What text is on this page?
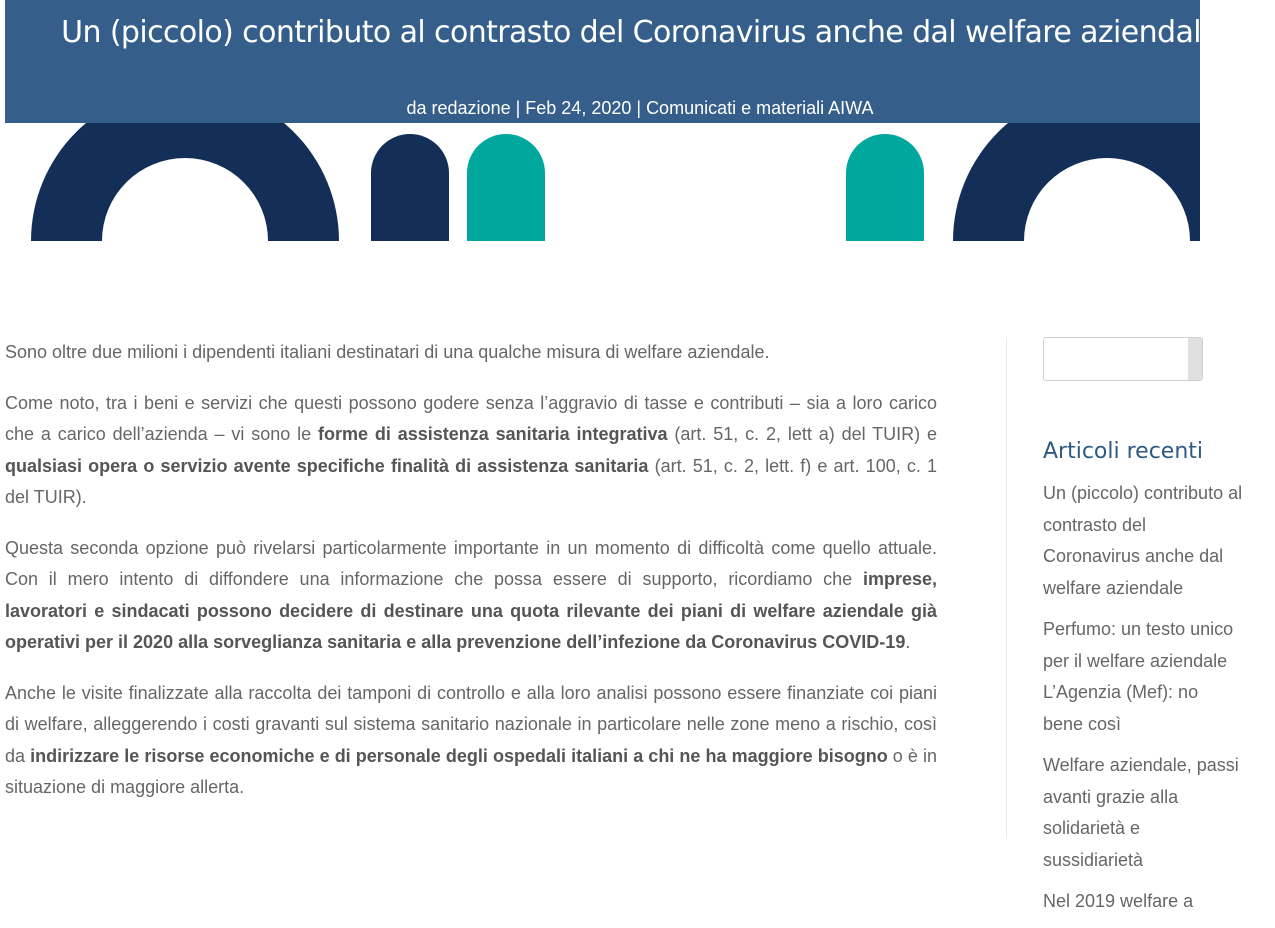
Un (piccolo) contributo al contrasto del Coronavirus anche dal welfare aziendale
da redazione | Feb 24, 2020 | Comunicati e materiali AIWA

Sono oltre due milioni i dipendenti italiani destinatari di una qualche misura di welfare aziendale.

Come noto, tra i beni e servizi che questi possono godere senza l’aggravio di tasse e contributi – sia a loro carico che a carico dell’azienda – vi sono le forme di assistenza sanitaria integrativa (art. 51, c. 2, lett a) del TUIR) e qualsiasi opera o servizio avente specifiche finalità di assistenza sanitaria (art. 51, c. 2, lett. f) e art. 100, c. 1 del TUIR).

Questa seconda opzione può rivelarsi particolarmente importante in un momento di difficoltà come quello attuale. Con il mero intento di diffondere una informazione che possa essere di supporto, ricordiamo che imprese, lavoratori e sindacati possono decidere di destinare una quota rilevante dei piani di welfare aziendale già operativi per il 2020 alla sorveglianza sanitaria e alla prevenzione dell’infezione da Coronavirus COVID-19.

Anche le visite finalizzate alla raccolta dei tamponi di controllo e alla loro analisi possono essere finanziate coi piani di welfare, alleggerendo i costi gravanti sul sistema sanitario nazionale in particolare nelle zone meno a rischio, così da indirizzare le risorse economiche e di personale degli ospedali italiani a chi ne ha maggiore bisogno o è in situazione di maggiore allerta.

Articoli recenti
Un (piccolo) contributo al contrasto del Coronavirus anche dal welfare aziendale
Perfumo: un testo unico per il welfare aziendale L’Agenzia (Mef): no bene così
Welfare aziendale, passi avanti grazie alla solidarietà e sussidiarietà
Nel 2019 welfare a
